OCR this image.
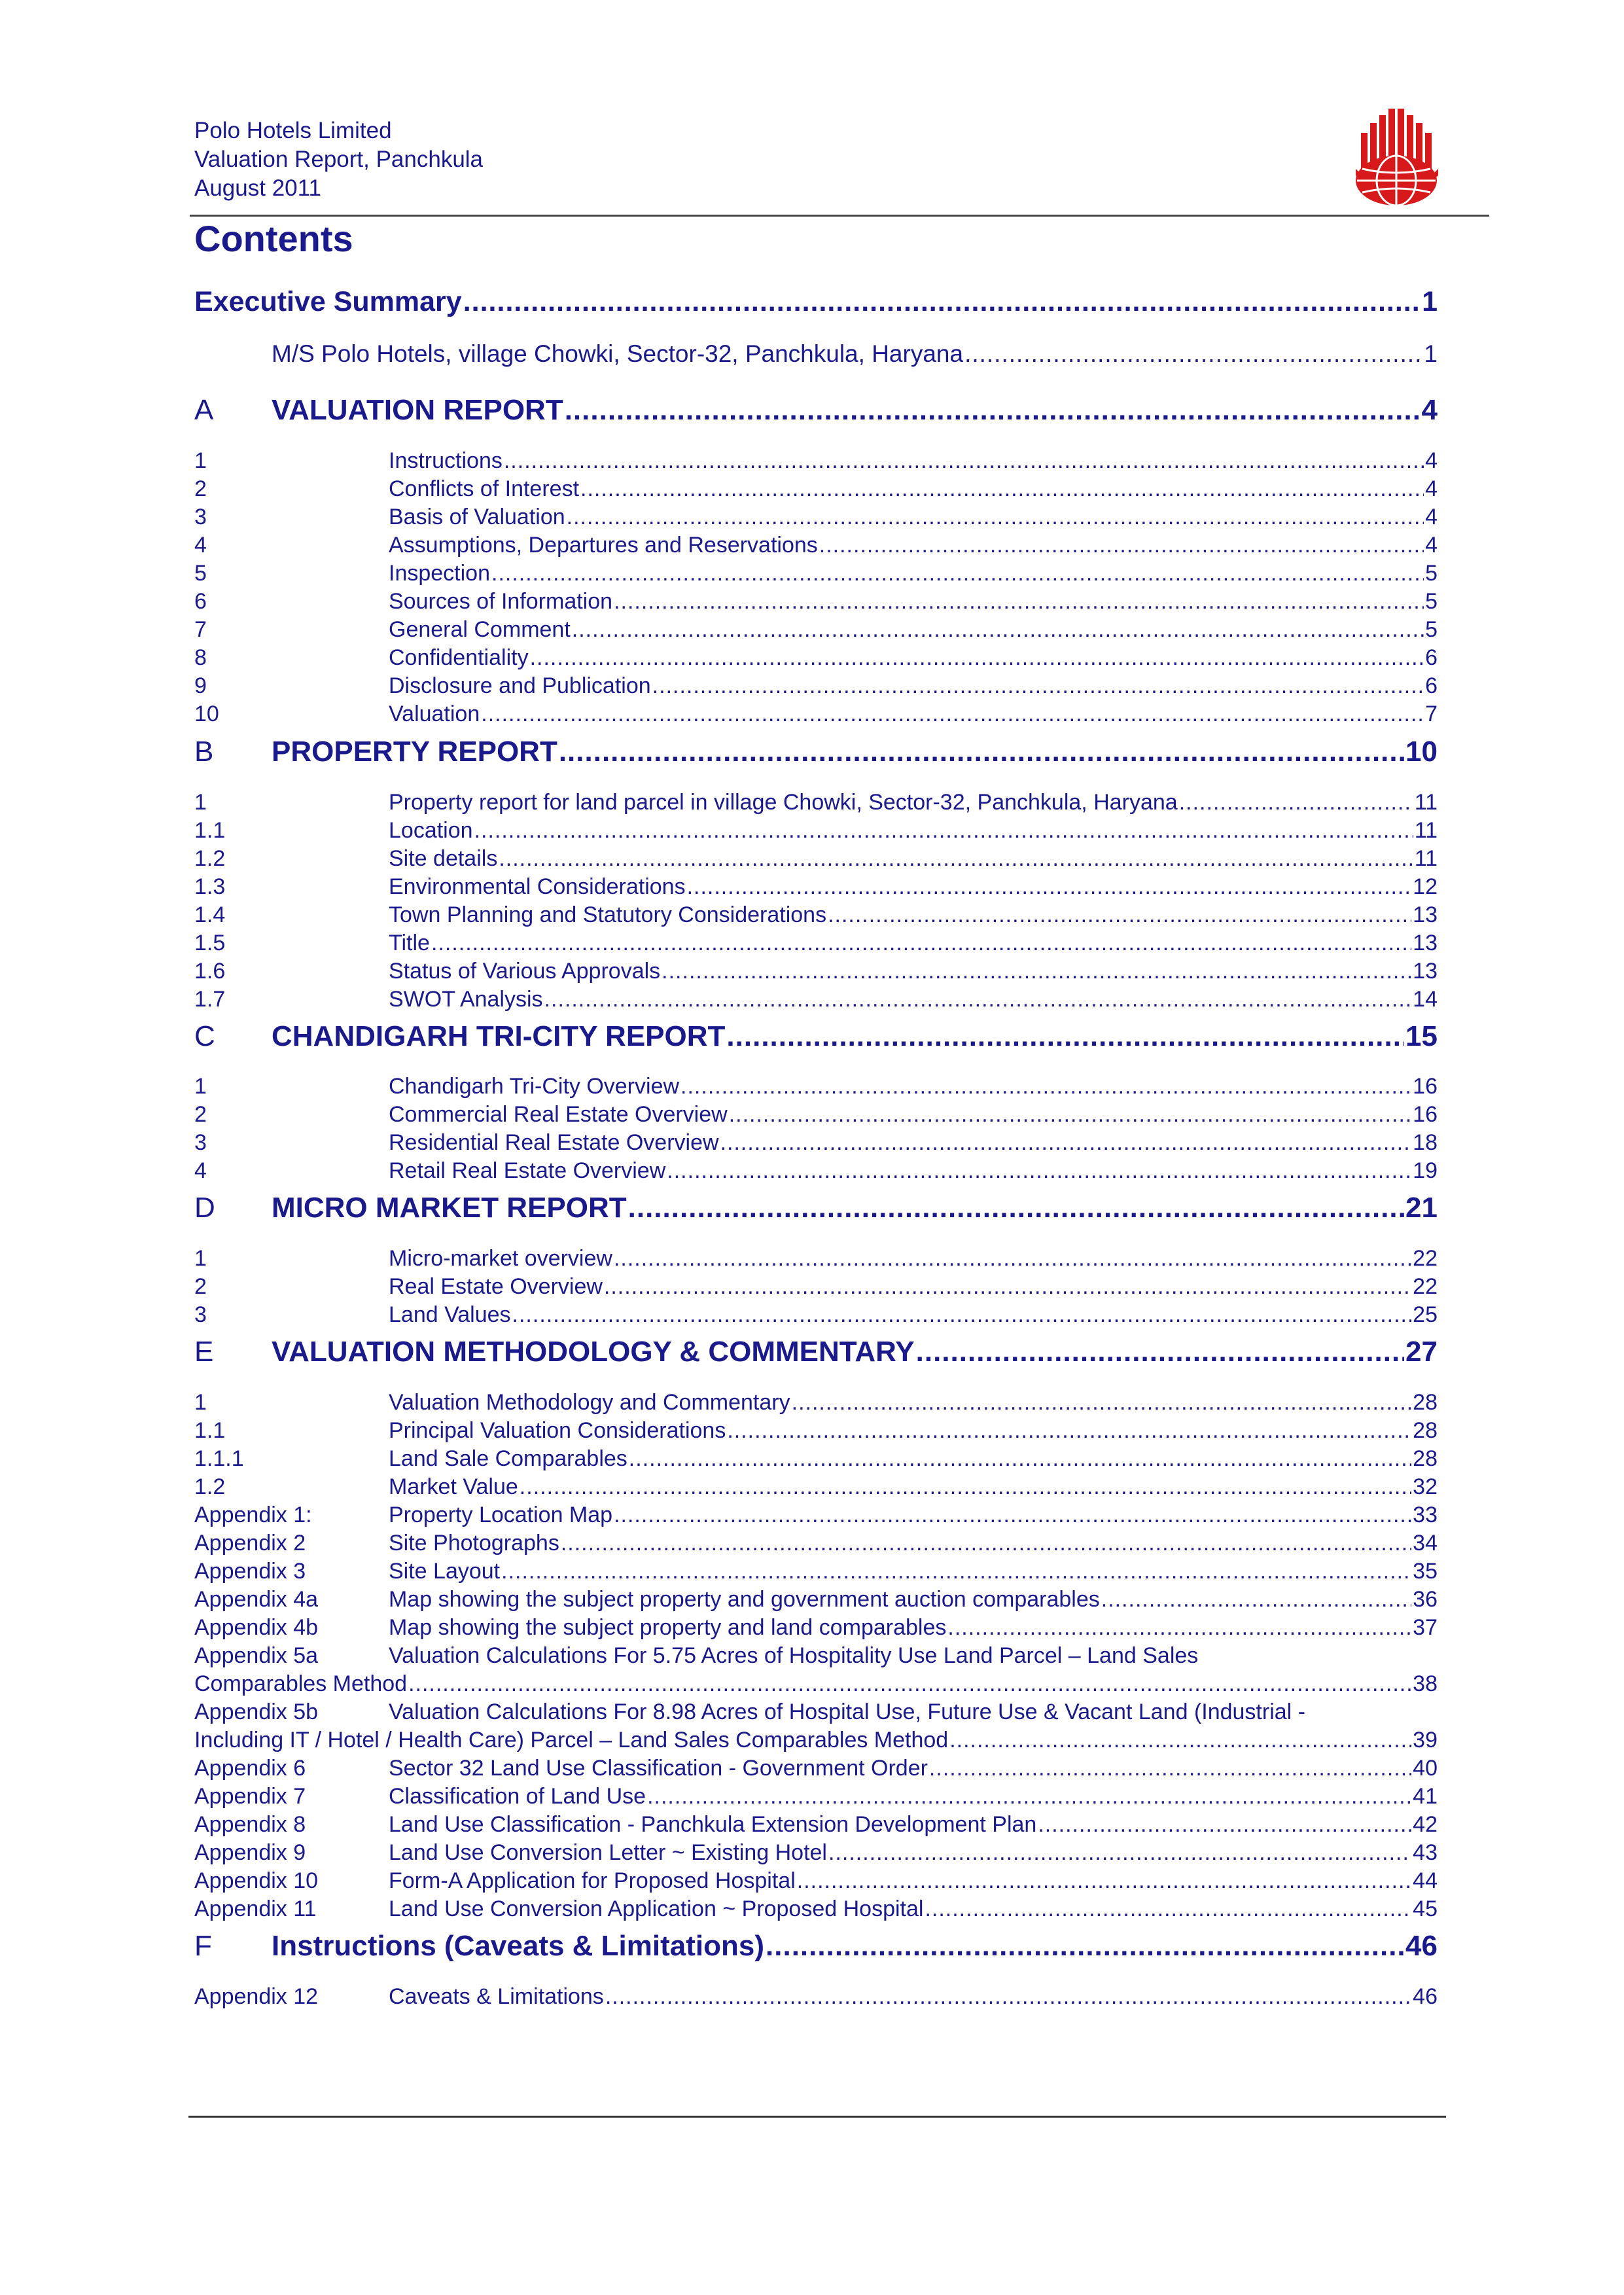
Polo Hotels Limited
Valuation Report, Panchkula
August 2011
Contents
Executive Summary .....	1
M/S Polo Hotels, village Chowki, Sector-32, Panchkula, Haryana .....	1
A	VALUATION REPORT .....	4
1	Instructions .....	4
2	Conflicts of Interest .....	4
3	Basis of Valuation .....	4
4	Assumptions, Departures and Reservations .....	4
5	Inspection .....	5
6	Sources of Information .....	5
7	General Comment .....	5
8	Confidentiality .....	6
9	Disclosure and Publication .....	6
10	Valuation .....	7
B	PROPERTY REPORT .....	10
1	Property report for land parcel in village Chowki, Sector-32, Panchkula, Haryana .....	11
1.1	Location .....	11
1.2	Site details .....	11
1.3	Environmental Considerations .....	12
1.4	Town Planning and Statutory Considerations .....	13
1.5	Title .....	13
1.6	Status of Various Approvals .....	13
1.7	SWOT Analysis .....	14
C	CHANDIGARH TRI-CITY REPORT .....	15
1	Chandigarh Tri-City Overview .....	16
2	Commercial Real Estate Overview .....	16
3	Residential Real Estate Overview .....	18
4	Retail Real Estate Overview .....	19
D	MICRO MARKET REPORT .....	21
1	Micro-market overview .....	22
2	Real Estate Overview .....	22
3	Land Values .....	25
E	VALUATION METHODOLOGY & COMMENTARY .....	27
1	Valuation Methodology and Commentary .....	28
1.1	Principal Valuation Considerations .....	28
1.1.1	Land Sale Comparables .....	28
1.2	Market Value .....	32
Appendix 1:	Property Location Map .....	33
Appendix 2	Site Photographs .....	34
Appendix 3	Site Layout .....	35
Appendix 4a	Map showing the subject property and government auction comparables .....	36
Appendix 4b	Map showing the subject property and land comparables .....	37
Appendix 5a	Valuation Calculations For 5.75 Acres of Hospitality Use Land Parcel – Land Sales
Comparables Method .....	38
Appendix 5b	Valuation Calculations For 8.98 Acres of Hospital Use, Future Use & Vacant Land (Industrial -
Including IT / Hotel / Health Care) Parcel – Land Sales Comparables Method .....	39
Appendix 6	Sector 32 Land Use Classification - Government Order .....	40
Appendix 7	Classification of Land Use .....	41
Appendix 8	Land Use Classification - Panchkula Extension Development Plan .....	42
Appendix 9	Land Use Conversion Letter ~ Existing Hotel .....	43
Appendix 10	Form-A Application for Proposed Hospital .....	44
Appendix 11	Land Use Conversion Application ~ Proposed Hospital .....	45
F	Instructions (Caveats & Limitations) .....	46
Appendix 12	Caveats & Limitations .....	46
